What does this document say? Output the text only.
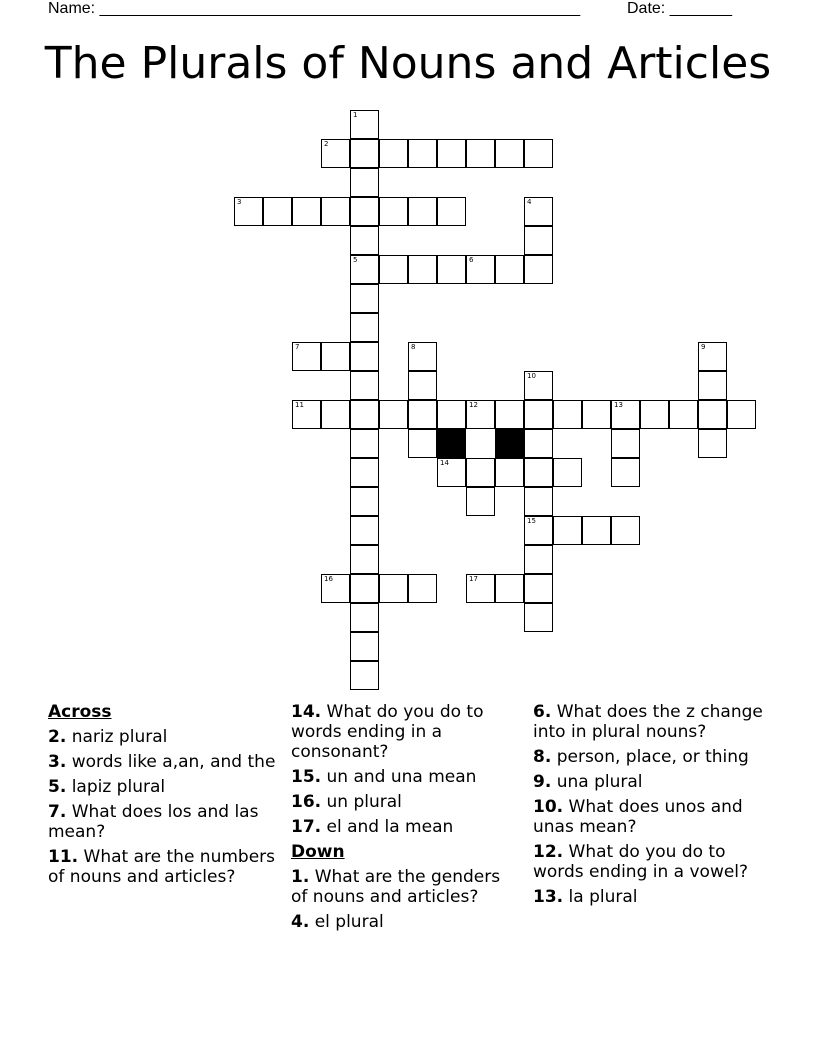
Name: ______________________________________________________	Date: _______
The Plurals of Nouns and Articles
1
2
3	4
5	6
7	8	9
10
11	12	13
14
15
16	17
Across
2. nariz plural
3. words like a,an, and the
5. lapiz plural
7. What does los and las mean?
11. What are the numbers of nouns and articles?
14. What do you do to words ending in a consonant?
15. un and una mean
16. un plural
17. el and la mean
Down
1. What are the genders of nouns and articles?
4. el plural
6. What does the z change into in plural nouns?
8. person, place, or thing
9. una plural
10. What does unos and unas mean?
12. What do you do to words ending in a vowel?
13. la plural
